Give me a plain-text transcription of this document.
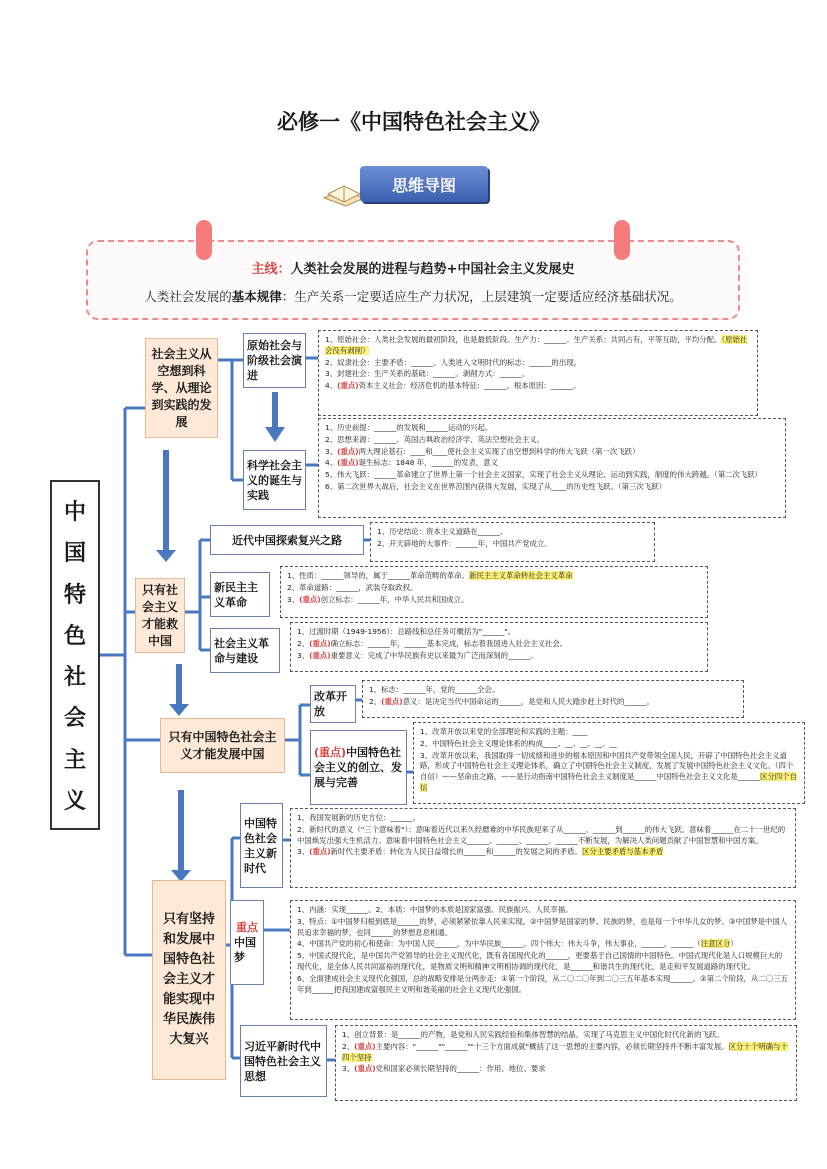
必修一《中国特色社会主义》
思维导图
主线：人类社会发展的进程与趋势+中国社会主义发展史
人类社会发展的基本规律：生产关系一定要适应生产力状况，上层建筑一定要适应经济基础状况。
中
国
特
色
社
会
主
义
社会主义从空想到科学、从理论到实践的发展
原始社会与阶级社会演进
科学社会主义的诞生与实践

1、原始社会：人类社会发展的最初阶段，也是最低阶段。生产力：______。生产关系：共同占有，平等互助，平均分配。（原始社会没有剥削）

2、奴隶社会：主要矛盾：______。人类进入文明时代的标志：______的出现。

3、封建社会：生产关系的基础：______。剥削方式：______。

4、(重点)资本主义社会：经济危机的基本特征：______。根本原因：______。

1、历史前提：______的发展和______运动的兴起。

2、思想来源：______。英国古典政治经济学、英法空想社会主义。

3、(重点)两大理论基石：____和____使社会主义实现了由空想到科学的伟大飞跃（第一次飞跃）

4、(重点)诞生标志：1848 年，______的发表，意义

5、伟大飞跃：______革命建立了世界上第一个社会主义国家，实现了社会主义从理论、运动到实践，制度的伟大跨越。（第二次飞跃）

6、第二次世界大战后，社会主义在世界范围内获得大发展，实现了从____的历史性飞跃。（第三次飞跃）

只有社会主义才能救中国
近代中国探索复兴之路
新民主主义革命
社会主义革命与建设

1、历史结论：资本主义道路在______。

2、开天辟地的大事件：______年，中国共产党成立。

1、性质：______领导的，属于______革命范畴的革命。新民主主义革命转社会主义革命

2、革命道路：______，武装夺取政权。

3、(重点)创立标志：______年，中华人民共和国成立。

1、过渡时期（1949-1956）：总路线和总任务可概括为"______"。

2、(重点)确立标志：______年，______基本完成，标志着我国进入社会主义社会。

3、(重点)重要意义：完成了中华民族有史以来最为广泛而深刻的______。

只有中国特色社会主义才能发展中国
改革开放
(重点)中国特色社会主义的创立、发展与完善

1、标志：______年，党的______全会。

2、(重点)意义：是决定当代中国命运的______，是党和人民大踏步赶上时代的______。

1、改革开放以来党的全部理论和实践的主题：____

2、中国特色社会主义理论体系的构成____、__、__、__、__

3、改革开放以来，我国取得一切成绩和进步的根本原因和中国共产党带领全国人民，开辟了中国特色社会主义道路，形成了中国特色社会主义理论体系，确立了中国特色社会主义制度，发展了发展中国特色社会主义文化。（四个自信）——坚命由之路，——是行动指南中国特色社会主义制度是______中国特色社会主义文化是______区分四个自信

只有坚持和发展中国特色社会主义才能实现中华民族伟大复兴
中国特色社会主义新时代
重点
中国梦
习近平新时代中国特色社会主义思想

1、我国发展新的历史方位：______。

2、新时代的意义（"三个意味着"）：意味着近代以来久经磨难的中华民族迎来了从______、______到______的伟大飞跃。意味着______在二十一世纪的中国焕发出强大生机活力。意味着中国特色社会主义______、______、______、______不断发展，为解决人类问题贡献了中国智慧和中国方案。

3、(重点)新时代主要矛盾：转化为人民日益增长的______和______的发展之间的矛盾。区分主要矛盾与基本矛盾

1、内涵：实现______。2、本质：中国梦的本质是国家富强、民族振兴、人民幸福。

3、特点：①中国梦归根到底是______的梦，必须紧紧依靠人民来实现。②中国梦是国家的梦、民族的梦，也是每一个中华儿女的梦。③中国梦是中国人民追求幸福的梦，也同______的梦想息息相通。

4、中国共产党的初心和使命：为中国人民______，为中华民族______。四个伟大：伟大斗争，伟大事业，______，______（注意区分）

5、中国式现代化，是中国共产党领导的社会主义现代化，既有各国现代化的______，更要基于自己国情的中国特色。中国式现代化是人口规模巨大的现代化，是全体人民共同富裕的现代化，是物质文明和精神文明相协调的现代化，是______和谐共生的现代化，是走和平发展道路的现代化。

6、全面建成社会主义现代化强国，总的战略安排是分两步走：①第一个阶段，从二〇二〇年到二〇三五年基本实现______。②第二个阶段，从二〇三五年到______把我国建成富强民主文明和谐美丽的社会主义现代化强国。

1、创立背景：是______的产物，是党和人民实践经验和集体智慧的结晶，实现了马克思主义中国化时代化新的飞跃。

2、(重点)主要内容："______""______""十三个方面成就"概括了这一思想的主要内容，必须长期坚持并不断丰富发展。区分十个明确与十四个坚持

3、(重点)党和国家必须长期坚持的______：作用、地位、要求
